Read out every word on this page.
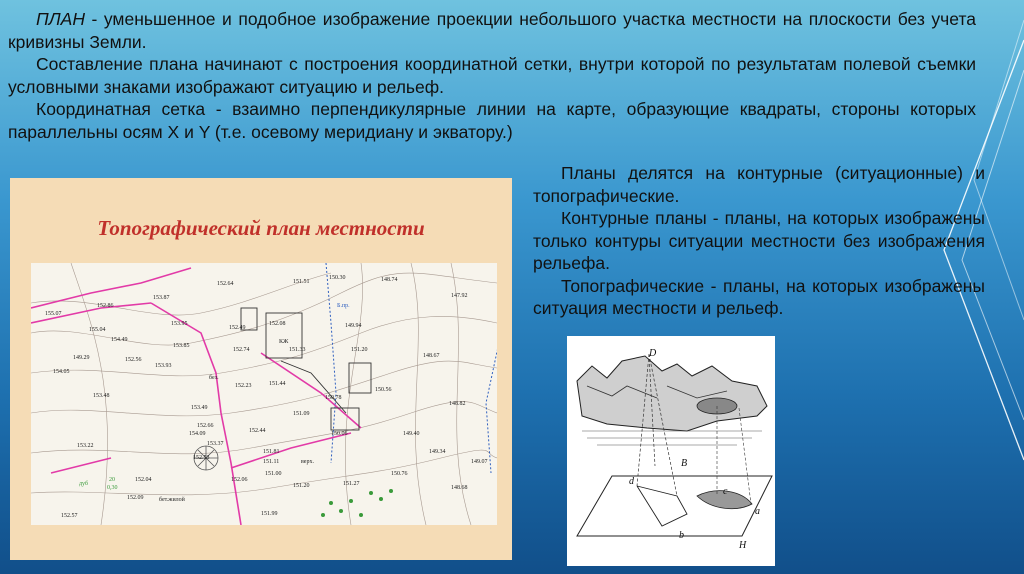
ПЛАН - уменьшенное и подобное изображение проекции небольшого участка местности на плоскости без учета кривизны Земли.

Составление плана начинают с построения координатной сетки, внутри которой по результатам полевой съемки условными знаками изображают ситуацию и рельеф.

Координатная сетка - взаимно перпендикулярные линии на карте, образующие квадраты, стороны которых параллельны осям X и Y (т.е. осевому меридиану и экватору.)

Планы делятся на контурные (ситуационные) и топографические.

Контурные планы - планы, на которых изображены только контуры ситуации местности без изображения рельефа.

Топографические - планы, на которых изображены ситуация местности и рельеф.

Топографический план местности
152.64	151.51
150.30	148.74
147.92
153.87
152.86
155.07
153.95
152.49
152.08	149.94
155.04
154.49
153.85
152.74	151.33	151.20
148.67
149.29	152.56
153.93
154.05
152.23	151.44
153.48
151.09
150.78
150.56
148.82
153.49
152.66
152.44	149.40
153.37
151.81	149.34
150.06
149.07
151.11
151.00
152.06
152.53
148.68
152.04
151.20	151.27
150.76
152.09
152.57	151.99
154.09
153.22
Б.пр.
бет.жилой
без.
КЖ
верх.
дуб
20
0,30
D
B
d
b
c
a
H
